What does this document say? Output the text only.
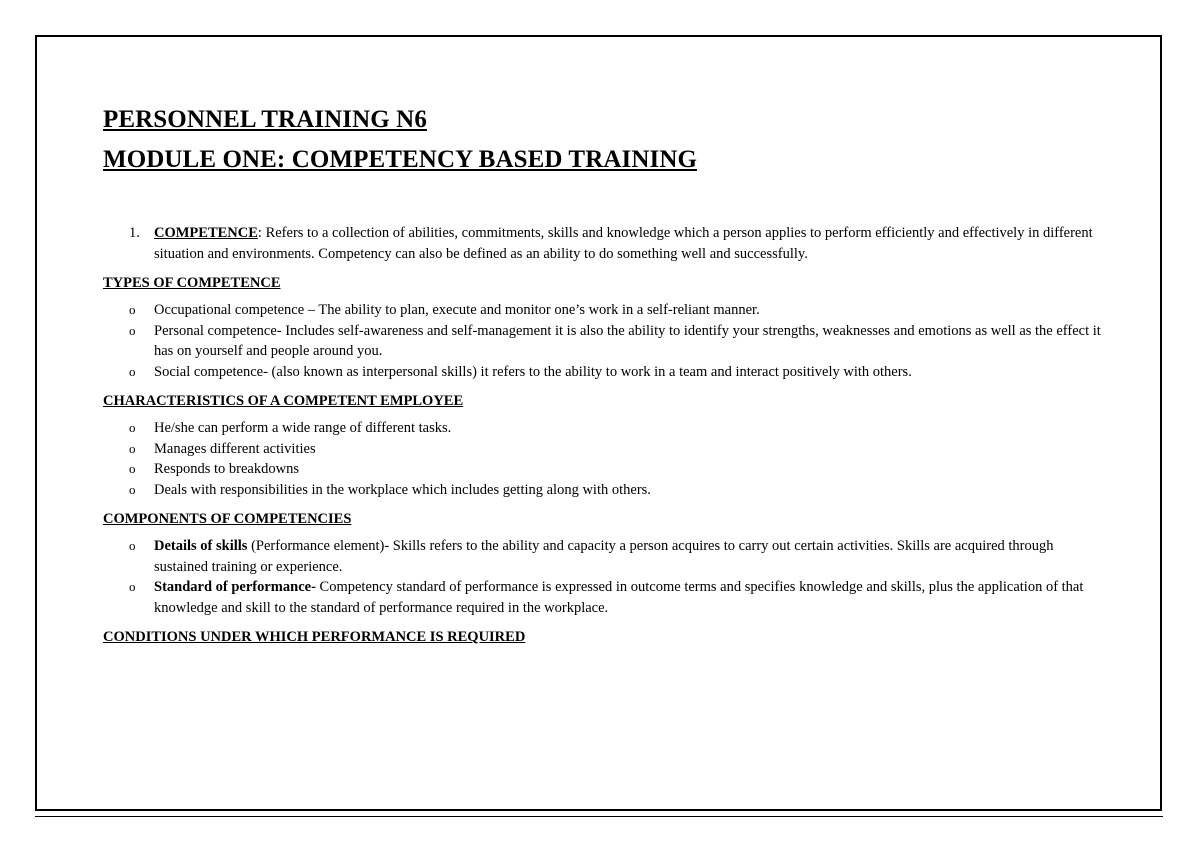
PERSONNEL TRAINING N6
MODULE ONE: COMPETENCY BASED TRAINING
1. COMPETENCE: Refers to a collection of abilities, commitments, skills and knowledge which a person applies to perform efficiently and effectively in different situation and environments. Competency can also be defined as an ability to do something well and successfully.
TYPES OF COMPETENCE
o Occupational competence – The ability to plan, execute and monitor one’s work in a self-reliant manner.
o Personal competence- Includes self-awareness and self-management it is also the ability to identify your strengths, weaknesses and emotions as well as the effect it has on yourself and people around you.
o Social competence- (also known as interpersonal skills) it refers to the ability to work in a team and interact positively with others.
CHARACTERISTICS OF A COMPETENT EMPLOYEE
o He/she can perform a wide range of different tasks.
o Manages different activities
o Responds to breakdowns
o Deals with responsibilities in the workplace which includes getting along with others.
COMPONENTS OF COMPETENCIES
o Details of skills (Performance element)- Skills refers to the ability and capacity a person acquires to carry out certain activities. Skills are acquired through sustained training or experience.
o Standard of performance- Competency standard of performance is expressed in outcome terms and specifies knowledge and skills, plus the application of that knowledge and skill to the standard of performance required in the workplace.
CONDITIONS UNDER WHICH PERFORMANCE IS REQUIRED
